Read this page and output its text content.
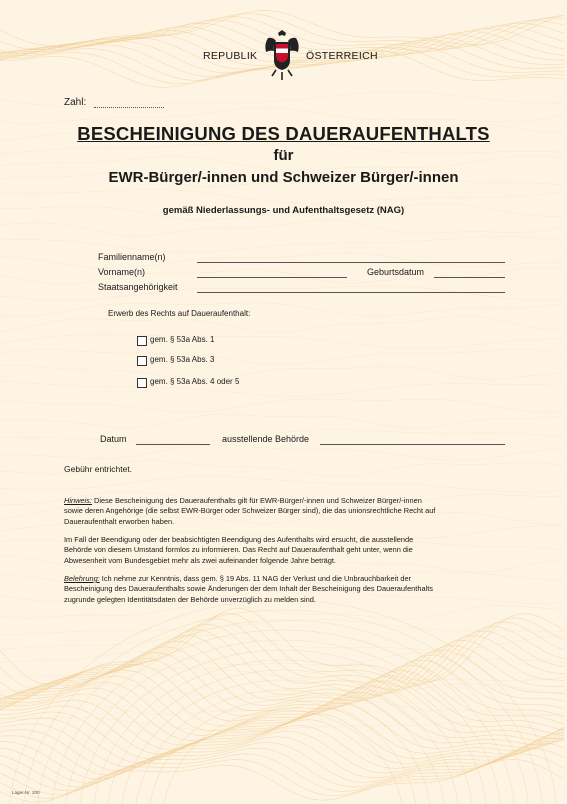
REPUBLIK	ÖSTERREICH
Zahl:
BESCHEINIGUNG DES DAUERAUFENTHALTS
für
EWR-Bürger/-innen und Schweizer Bürger/-innen
gemäß Niederlassungs- und Aufenthaltsgesetz (NAG)
Familienname(n)
Vorname(n)	Geburtsdatum
Staatsangehörigkeit
Erwerb des Rechts auf Daueraufenthalt:
gem. § 53a Abs. 1
gem. § 53a Abs. 3
gem. § 53a Abs. 4 oder 5
Datum	ausstellende Behörde
Gebühr entrichtet.
Hinweis: Diese Bescheinigung des Daueraufenthalts gilt für EWR-Bürger/-innen und Schweizer Bürger/-innen
sowie deren Angehörige (die selbst EWR-Bürger oder Schweizer Bürger sind), die das unionsrechtliche Recht auf
Daueraufenthalt erworben haben.
Im Fall der Beendigung oder der beabsichtigten Beendigung des Aufenthalts wird ersucht, die ausstellende
Behörde von diesem Umstand formlos zu informieren. Das Recht auf Daueraufenthalt geht unter, wenn die
Abwesenheit vom Bundesgebiet mehr als zwei aufeinander folgende Jahre beträgt.
Belehrung: Ich nehme zur Kenntnis, dass gem. § 19 Abs. 11 NAG der Verlust und die Unbrauchbarkeit der
Bescheinigung des Daueraufenthalts sowie Änderungen der dem Inhalt der Bescheinigung des Daueraufenthalts
zugrunde gelegten Identitätsdaten der Behörde unverzüglich zu melden sind.
Lager-Nr. 200
